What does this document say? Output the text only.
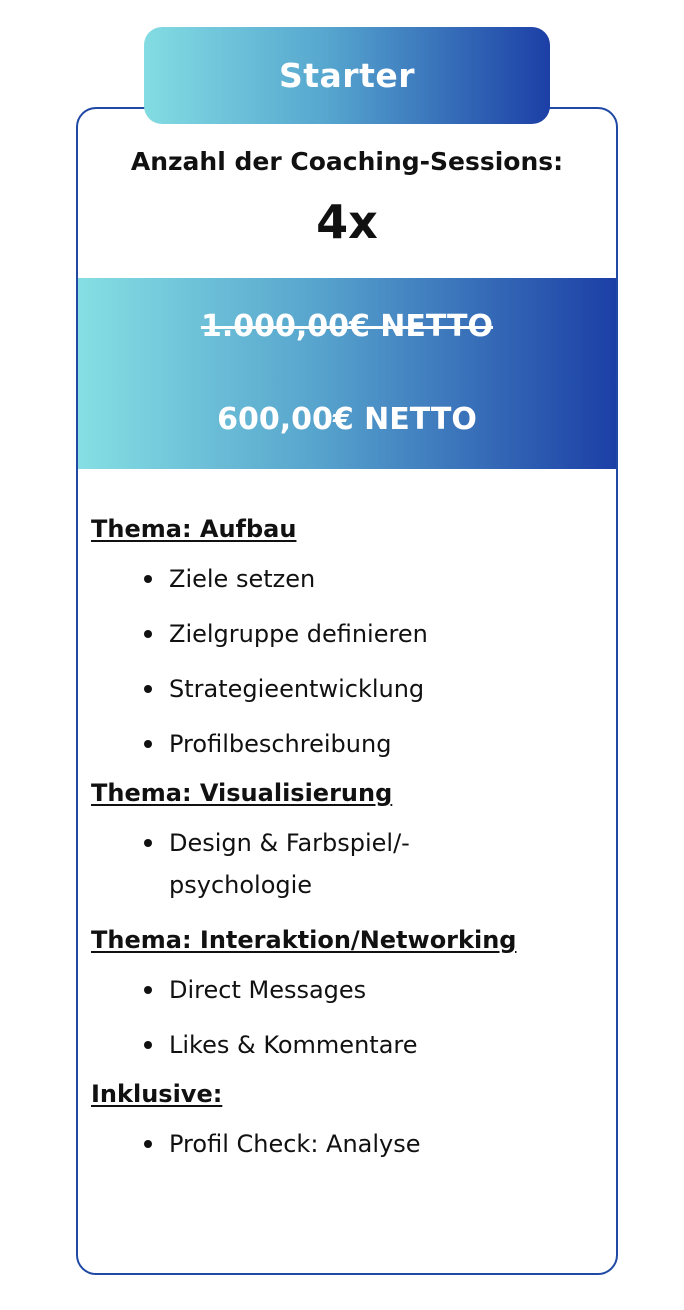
Starter
Anzahl der Coaching-Sessions:
4x
1.000,00€ NETTO
600,00€ NETTO
Thema: Aufbau
Ziele setzen
Zielgruppe definieren
Strategieentwicklung
Profilbeschreibung
Thema: Visualisierung
Design & Farbspiel/-psychologie
Thema: Interaktion/Networking
Direct Messages
Likes & Kommentare
Inklusive:
Profil Check: Analyse
